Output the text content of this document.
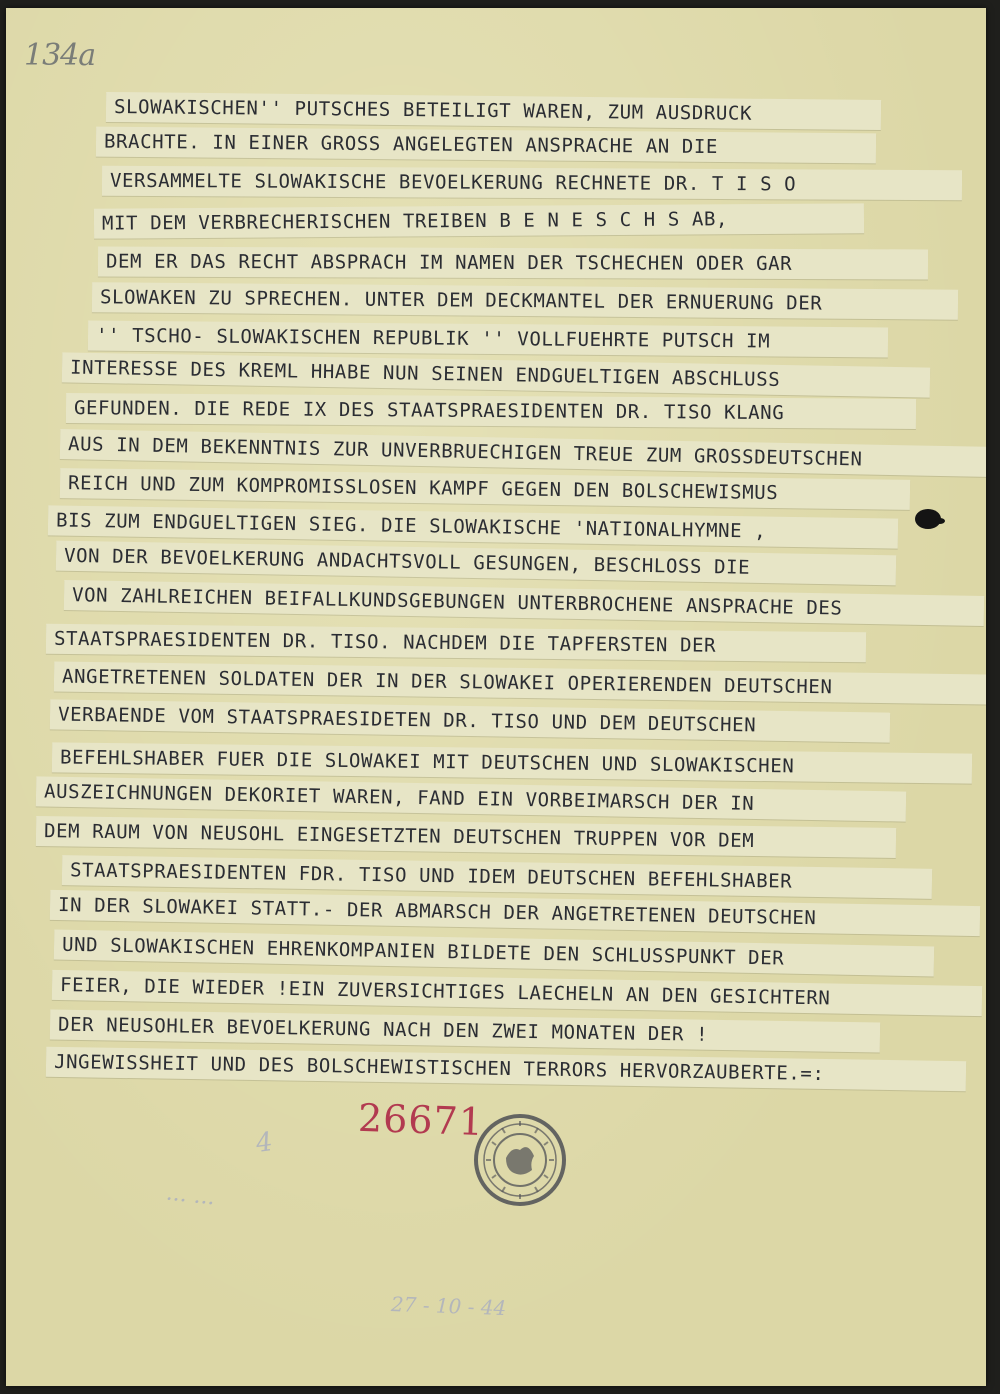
134a
SLOWAKISCHEN'' PUTSCHES BETEILIGT WAREN, ZUM AUSDRUCK
BRACHTE. IN EINER GROSS ANGELEGTEN ANSPRACHE AN DIE
VERSAMMELTE SLOWAKISCHE BEVOELKERUNG RECHNETE DR. T I S O
MIT DEM VERBRECHERISCHEN TREIBEN B E N E S C H S AB,
DEM ER DAS RECHT ABSPRACH IM NAMEN DER TSCHECHEN ODER GAR
SLOWAKEN ZU SPRECHEN. UNTER DEM DECKMANTEL DER ERNUERUNG DER
'' TSCHO- SLOWAKISCHEN REPUBLIK '' VOLLFUEHRTE PUTSCH IM
INTERESSE DES KREML HHABE NUN SEINEN ENDGUELTIGEN ABSCHLUSS
GEFUNDEN. DIE REDE IX DES STAATSPRAESIDENTEN DR. TISO KLANG
AUS IN DEM BEKENNTNIS ZUR UNVERBRUECHIGEN TREUE ZUM GROSSDEUTSCHEN
REICH UND ZUM KOMPROMISSLOSEN KAMPF GEGEN DEN BOLSCHEWISMUS
BIS ZUM ENDGUELTIGEN SIEG. DIE SLOWAKISCHE 'NATIONALHYMNE ,
VON DER BEVOELKERUNG ANDACHTSVOLL GESUNGEN, BESCHLOSS DIE
VON ZAHLREICHEN BEIFALLKUNDSGEBUNGEN UNTERBROCHENE ANSPRACHE DES
STAATSPRAESIDENTEN DR. TISO. NACHDEM DIE TAPFERSTEN DER
ANGETRETENEN SOLDATEN DER IN DER SLOWAKEI OPERIERENDEN DEUTSCHEN
VERBAENDE VOM STAATSPRAESIDETEN DR. TISO UND DEM DEUTSCHEN
BEFEHLSHABER FUER DIE SLOWAKEI MIT DEUTSCHEN UND SLOWAKISCHEN
AUSZEICHNUNGEN DEKORIET WAREN, FAND EIN VORBEIMARSCH DER IN
DEM RAUM VON NEUSOHL EINGESETZTEN DEUTSCHEN TRUPPEN VOR DEM
STAATSPRAESIDENTEN FDR. TISO UND IDEM DEUTSCHEN BEFEHLSHABER
IN DER SLOWAKEI STATT.- DER ABMARSCH DER ANGETRETENEN DEUTSCHEN
UND SLOWAKISCHEN EHRENKOMPANIEN BILDETE DEN SCHLUSSPUNKT DER
FEIER, DIE WIEDER !EIN ZUVERSICHTIGES LAECHELN AN DEN GESICHTERN
DER NEUSOHLER BEVOELKERUNG NACH DEN ZWEI MONATEN DER !
JNGEWISSHEIT UND DES BOLSCHEWISTISCHEN TERRORS HERVORZAUBERTE.=:
26671
4
... ...
27 - 10 - 44
